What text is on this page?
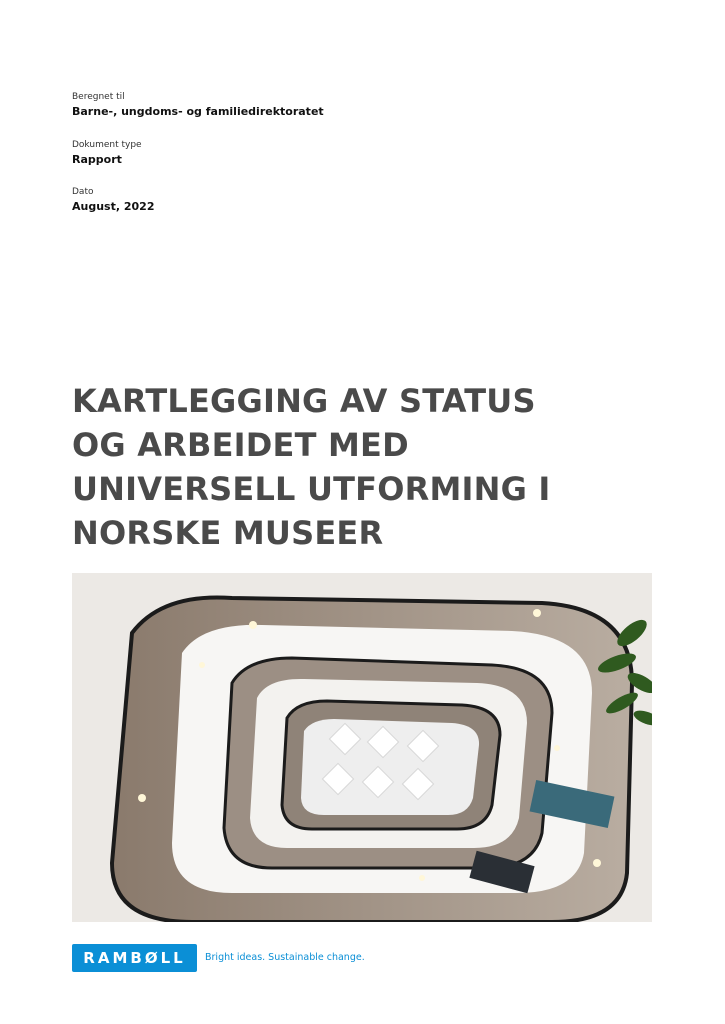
Beregnet til
Barne-, ungdoms- og familiedirektoratet
Dokument type
Rapport
Dato
August, 2022
KARTLEGGING AV STATUS
OG ARBEIDET MED
UNIVERSELL UTFORMING I
NORSKE MUSEER
RAMBØLL	Bright ideas. Sustainable change.
